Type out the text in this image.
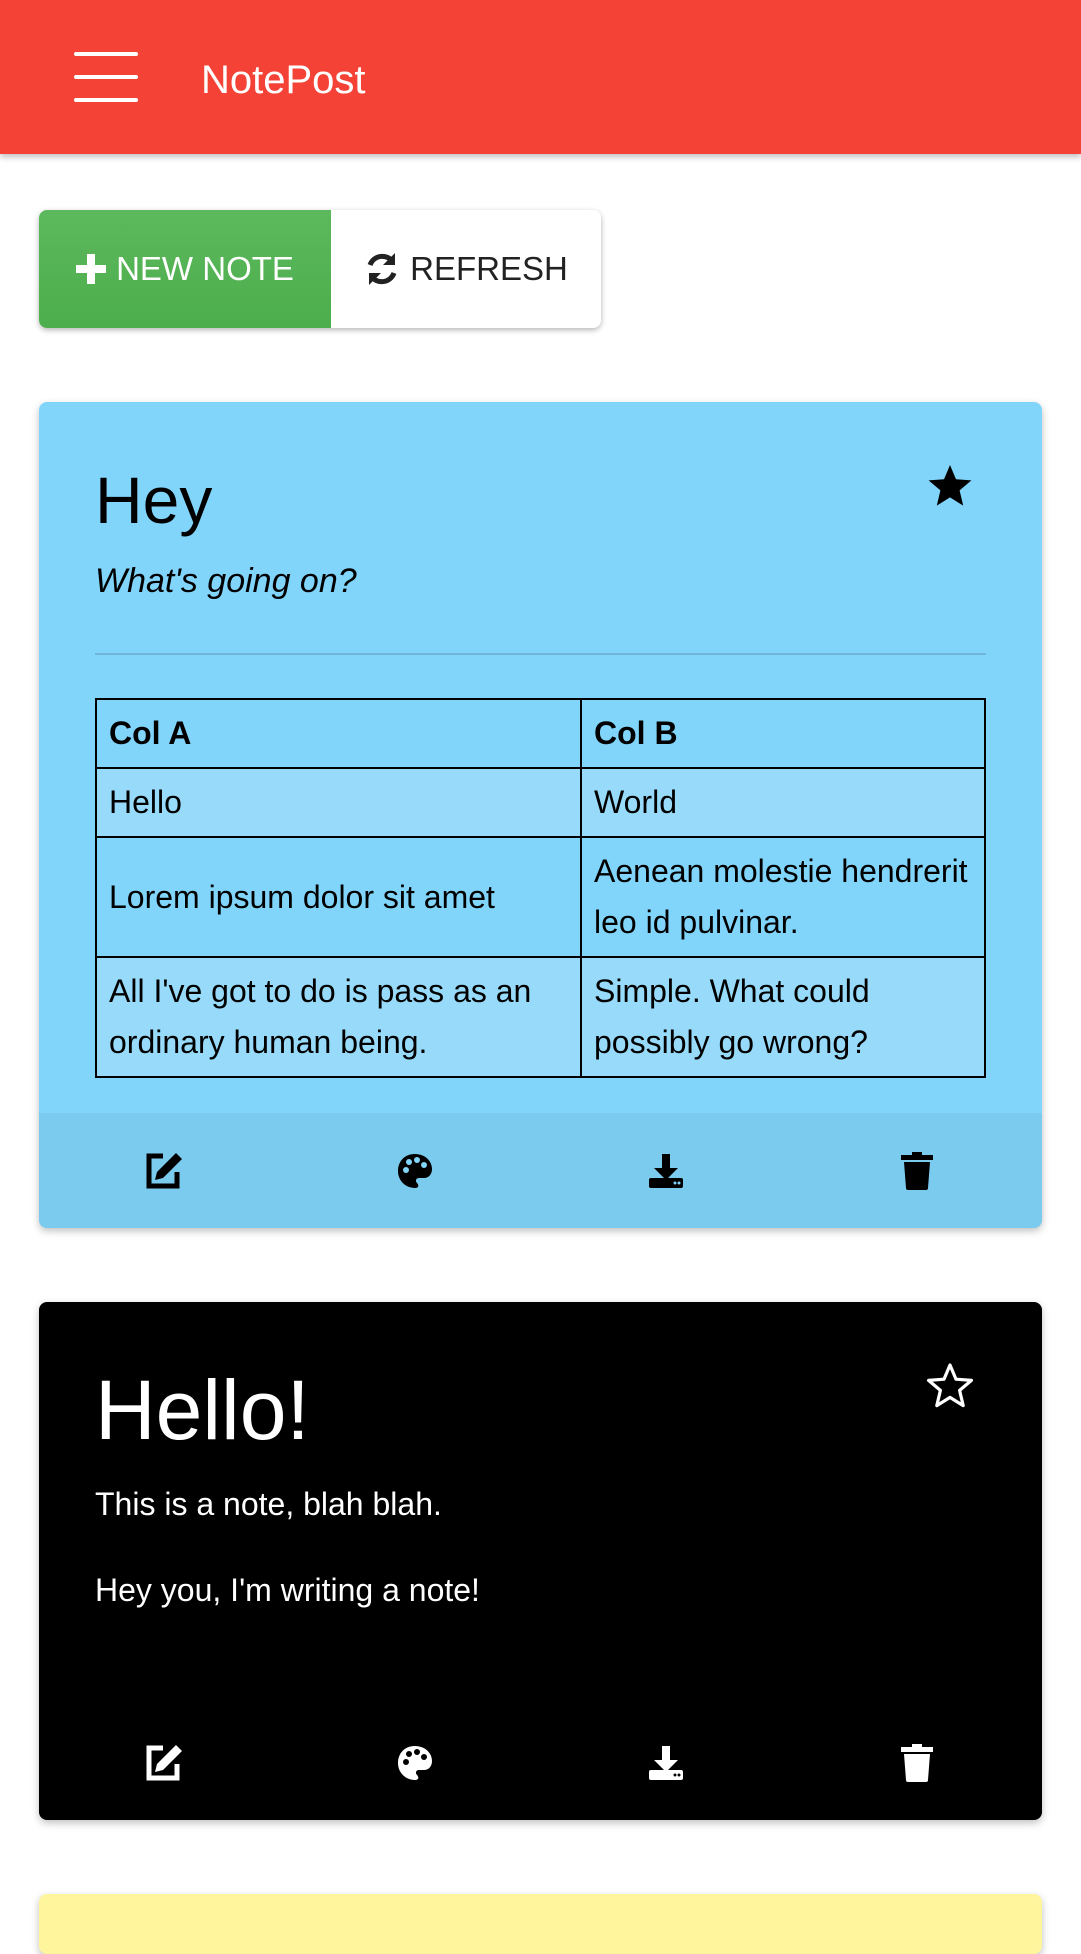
NotePost
NEW NOTE	REFRESH
Hey
What's going on?
Col A	Col B
Hello	World
Lorem ipsum dolor sit amet	Aenean molestie hendrerit leo id pulvinar.
All I've got to do is pass as an ordinary human being.	Simple. What could possibly go wrong?
Hello!
This is a note, blah blah.
Hey you, I'm writing a note!
